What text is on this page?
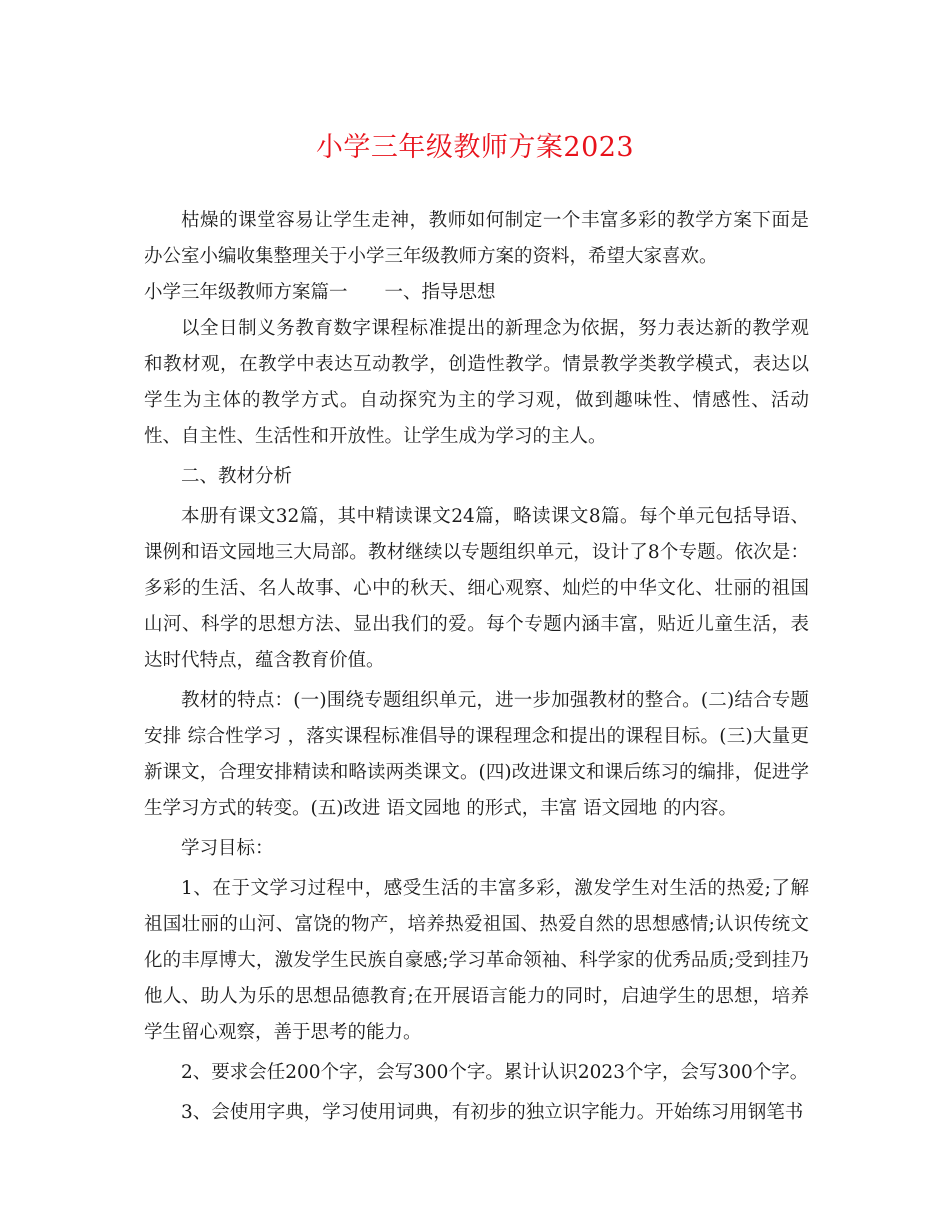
小学三年级教师方案2023

枯燥的课堂容易让学生走神，教师如何制定一个丰富多彩的教学方案下面是办公室小编收集整理关于小学三年级教师方案的资料，希望大家喜欢。

小学三年级教师方案篇一 一、指导思想

以全日制义务教育数字课程标准提出的新理念为依据，努力表达新的教学观和教材观，在教学中表达互动教学，创造性教学。情景教学类教学模式，表达以学生为主体的教学方式。自动探究为主的学习观，做到趣味性、情感性、活动性、自主性、生活性和开放性。让学生成为学习的主人。

二、教材分析

本册有课文32篇，其中精读课文24篇，略读课文8篇。每个单元包括导语、课例和语文园地三大局部。教材继续以专题组织单元，设计了8个专题。依次是：多彩的生活、名人故事、心中的秋天、细心观察、灿烂的中华文化、壮丽的祖国山河、科学的思想方法、显出我们的爱。每个专题内涵丰富，贴近儿童生活，表达时代特点，蕴含教育价值。

教材的特点：(一)围绕专题组织单元，进一步加强教材的整合。(二)结合专题安排 综合性学习 ，落实课程标准倡导的课程理念和提出的课程目标。(三)大量更新课文，合理安排精读和略读两类课文。(四)改进课文和课后练习的编排，促进学生学习方式的转变。(五)改进 语文园地 的形式，丰富 语文园地 的内容。

学习目标：

1、在于文学习过程中，感受生活的丰富多彩，激发学生对生活的热爱;了解祖国壮丽的山河、富饶的物产，培养热爱祖国、热爱自然的思想感情;认识传统文化的丰厚博大，激发学生民族自豪感;学习革命领袖、科学家的优秀品质;受到挂乃他人、助人为乐的思想品德教育;在开展语言能力的同时，启迪学生的思想，培养学生留心观察，善于思考的能力。

2、要求会任200个字，会写300个字。累计认识2023个字，会写300个字。

3、会使用字典，学习使用词典，有初步的独立识字能力。开始练习用钢笔书
